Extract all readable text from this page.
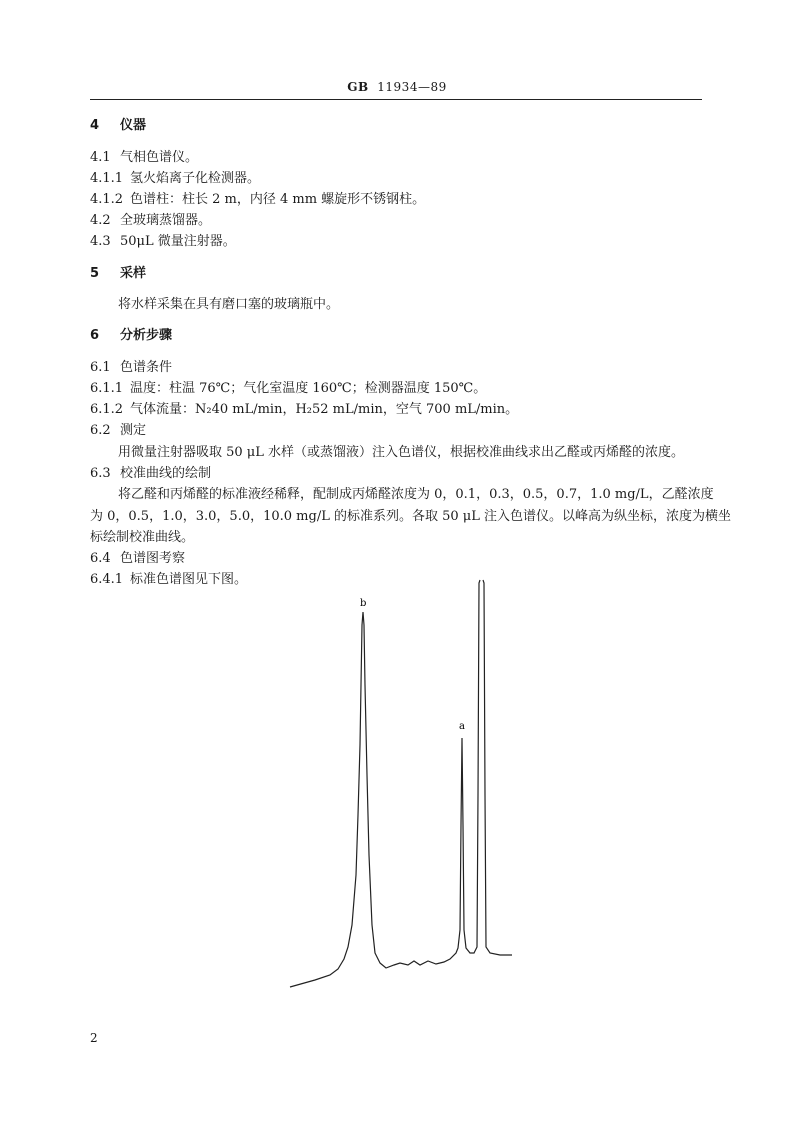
GB 11934—89
4 仪器
4.1 气相色谱仪。
4.1.1 氢火焰离子化检测器。
4.1.2 色谱柱：柱长 2 m，内径 4 mm 螺旋形不锈钢柱。
4.2 全玻璃蒸馏器。
4.3 50μL 微量注射器。
5 采样
将水样采集在具有磨口塞的玻璃瓶中。
6 分析步骤
6.1 色谱条件
6.1.1 温度：柱温 76℃；气化室温度 160℃；检测器温度 150℃。
6.1.2 气体流量：N₂40 mL/min，H₂52 mL/min，空气 700 mL/min。
6.2 测定
用微量注射器吸取 50 μL 水样（或蒸馏液）注入色谱仪，根据校准曲线求出乙醛或丙烯醛的浓度。
6.3 校准曲线的绘制
将乙醛和丙烯醛的标准液经稀释，配制成丙烯醛浓度为 0，0.1，0.3，0.5，0.7，1.0 mg/L，乙醛浓度
为 0，0.5，1.0，3.0，5.0，10.0 mg/L 的标准系列。各取 50 μL 注入色谱仪。以峰高为纵坐标，浓度为横坐
标绘制校准曲线。
6.4 色谱图考察
6.4.1 标准色谱图见下图。
b
a
2
